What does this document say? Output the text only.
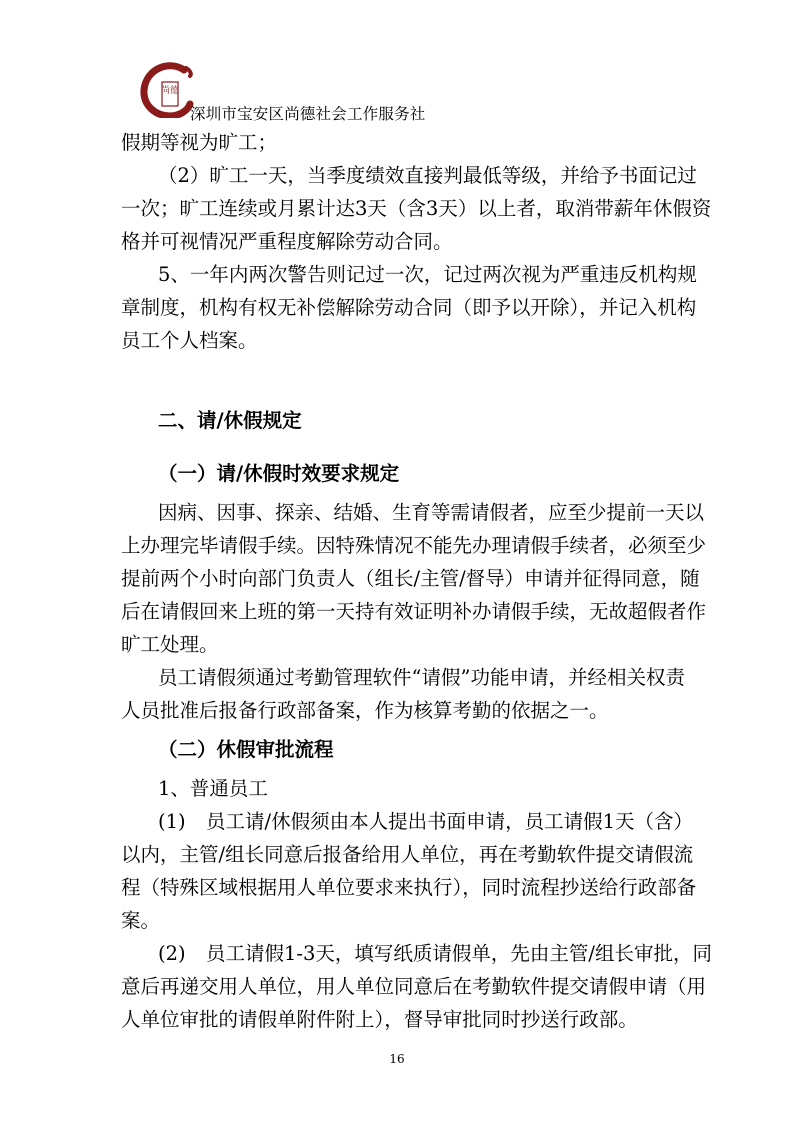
尚德
深圳市宝安区尚德社会工作服务社
假期等视为旷工；
（2）旷工一天，当季度绩效直接判最低等级，并给予书面记过
一次；旷工连续或月累计达3天（含3天）以上者，取消带薪年休假资
格并可视情况严重程度解除劳动合同。
5、一年内两次警告则记过一次，记过两次视为严重违反机构规
章制度，机构有权无补偿解除劳动合同（即予以开除），并记入机构
员工个人档案。
二、请/休假规定
（一）请/休假时效要求规定
因病、因事、探亲、结婚、生育等需请假者，应至少提前一天以
上办理完毕请假手续。因特殊情况不能先办理请假手续者，必须至少
提前两个小时向部门负责人（组长/主管/督导）申请并征得同意，随
后在请假回来上班的第一天持有效证明补办请假手续，无故超假者作
旷工处理。
员工请假须通过考勤管理软件“请假”功能申请，并经相关权责
人员批准后报备行政部备案，作为核算考勤的依据之一。
（二）休假审批流程
1、普通员工
(1) 员工请/休假须由本人提出书面申请，员工请假1天（含）
以内，主管/组长同意后报备给用人单位，再在考勤软件提交请假流
程（特殊区域根据用人单位要求来执行），同时流程抄送给行政部备
案。
(2) 员工请假1-3天，填写纸质请假单，先由主管/组长审批，同
意后再递交用人单位，用人单位同意后在考勤软件提交请假申请（用
人单位审批的请假单附件附上），督导审批同时抄送行政部。
16
